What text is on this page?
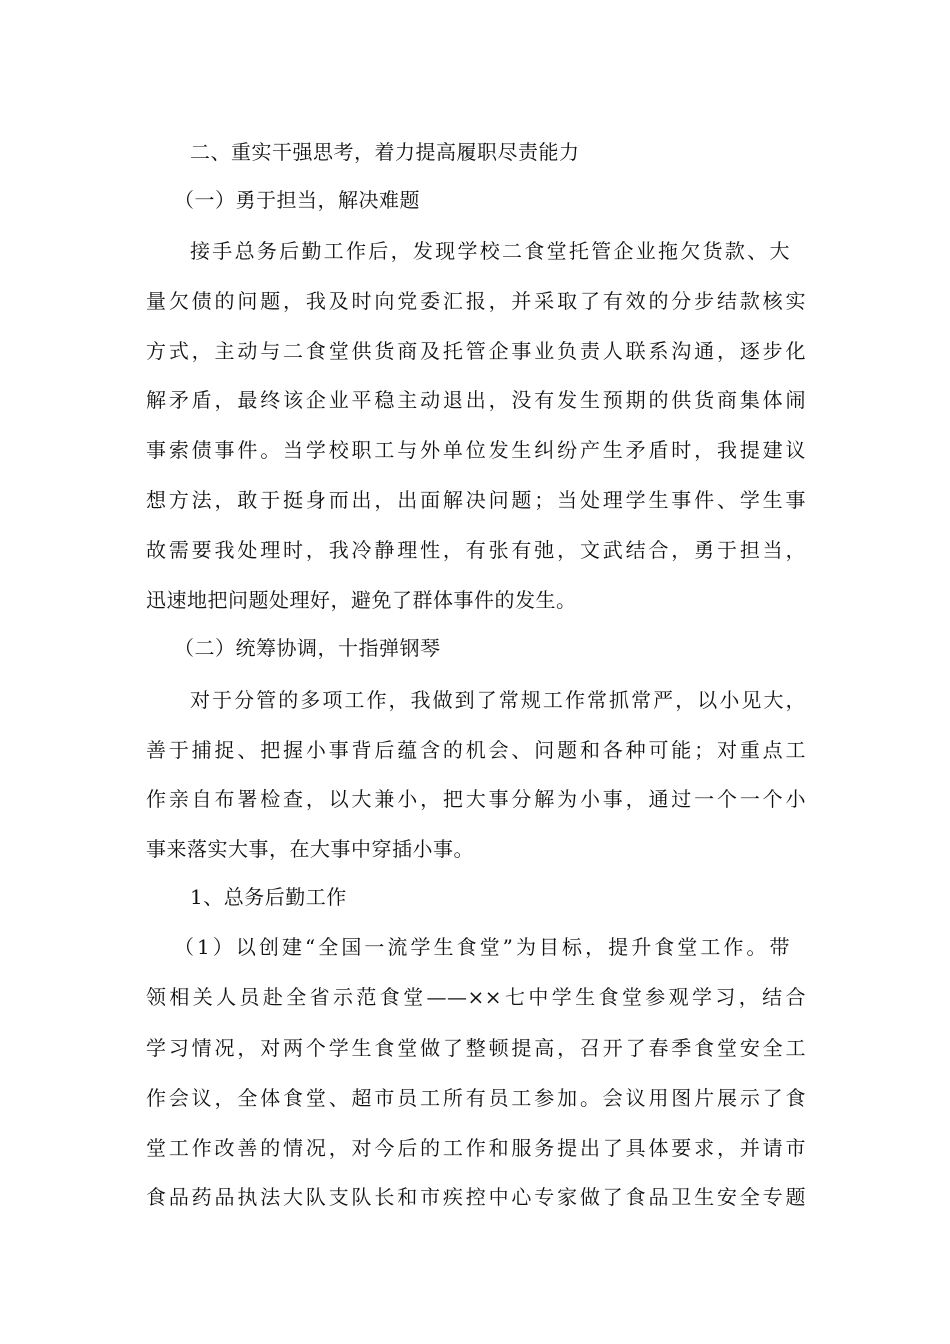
二、重实干强思考，着力提高履职尽责能力
（一）勇于担当，解决难题
接手总务后勤工作后，发现学校二食堂托管企业拖欠货款、大
量欠债的问题，我及时向党委汇报，并采取了有效的分步结款核实
方式，主动与二食堂供货商及托管企事业负责人联系沟通，逐步化
解矛盾，最终该企业平稳主动退出，没有发生预期的供货商集体闹
事索债事件。当学校职工与外单位发生纠纷产生矛盾时，我提建议
想方法，敢于挺身而出，出面解决问题；当处理学生事件、学生事
故需要我处理时，我冷静理性，有张有弛，文武结合，勇于担当，
迅速地把问题处理好，避免了群体事件的发生。
（二）统筹协调，十指弹钢琴
对于分管的多项工作，我做到了常规工作常抓常严，以小见大，
善于捕捉、把握小事背后蕴含的机会、问题和各种可能；对重点工
作亲自布署检查，以大兼小，把大事分解为小事，通过一个一个小
事来落实大事，在大事中穿插小事。
1、总务后勤工作
（1）以创建“全国一流学生食堂”为目标，提升食堂工作。带
领相关人员赴全省示范食堂——××七中学生食堂参观学习，结合
学习情况，对两个学生食堂做了整顿提高，召开了春季食堂安全工
作会议，全体食堂、超市员工所有员工参加。会议用图片展示了食
堂工作改善的情况，对今后的工作和服务提出了具体要求，并请市
食品药品执法大队支队长和市疾控中心专家做了食品卫生安全专题
